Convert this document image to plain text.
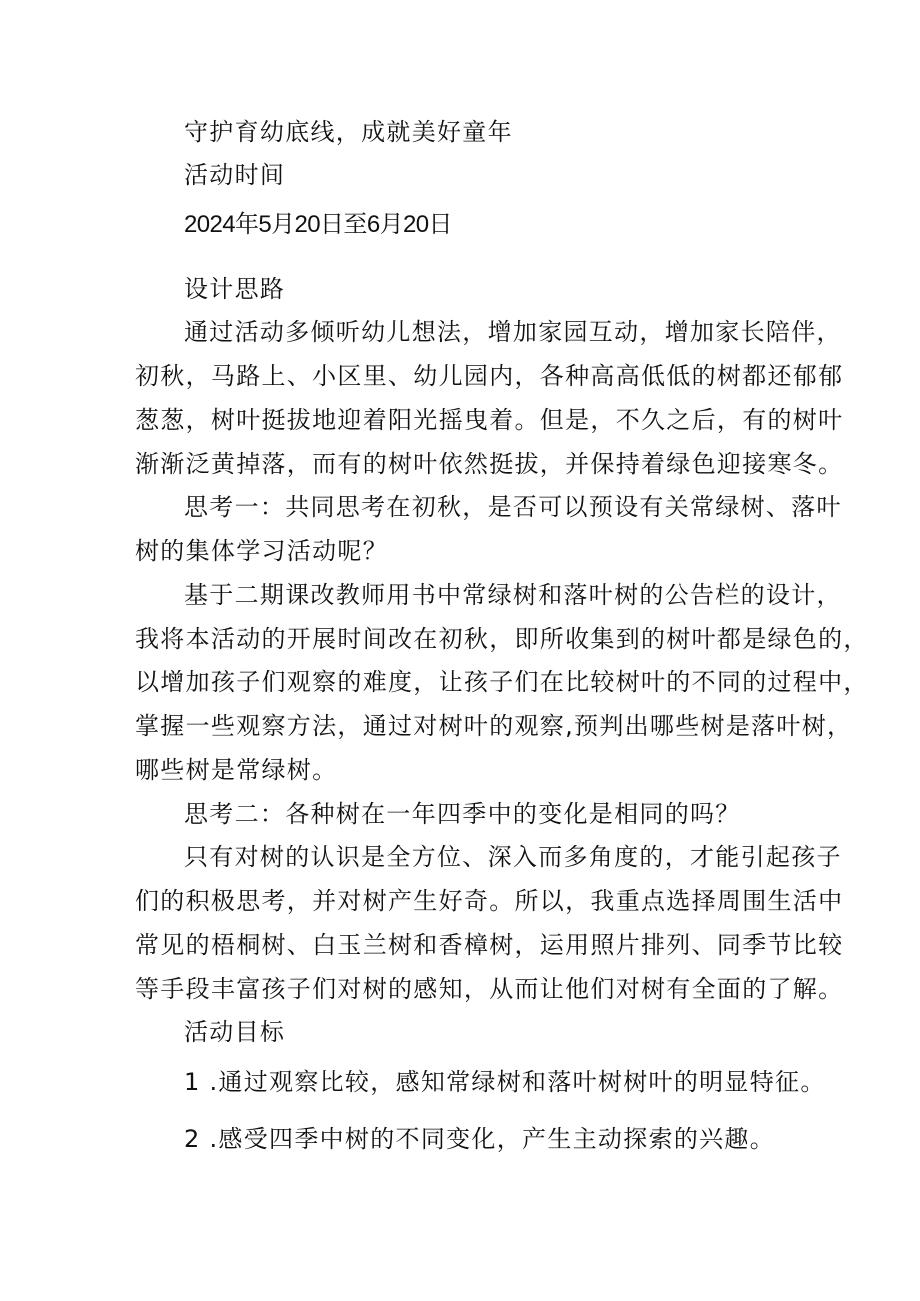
守护育幼底线，成就美好童年
活动时间
2024年5月20日至6月20日
设计思路
通过活动多倾听幼儿想法，增加家园互动，增加家长陪伴，
初秋，马路上、小区里、幼儿园内，各种高高低低的树都还郁郁
葱葱，树叶挺拔地迎着阳光摇曳着。但是，不久之后，有的树叶
渐渐泛黄掉落，而有的树叶依然挺拔，并保持着绿色迎接寒冬。
思考一：共同思考在初秋，是否可以预设有关常绿树、落叶
树的集体学习活动呢？
基于二期课改教师用书中常绿树和落叶树的公告栏的设计，
我将本活动的开展时间改在初秋，即所收集到的树叶都是绿色的，
以增加孩子们观察的难度，让孩子们在比较树叶的不同的过程中，
掌握一些观察方法，通过对树叶的观察,预判出哪些树是落叶树，
哪些树是常绿树。
思考二：各种树在一年四季中的变化是相同的吗？
只有对树的认识是全方位、深入而多角度的，才能引起孩子
们的积极思考，并对树产生好奇。所以，我重点选择周围生活中
常见的梧桐树、白玉兰树和香樟树，运用照片排列、同季节比较
等手段丰富孩子们对树的感知，从而让他们对树有全面的了解。
活动目标
1 .通过观察比较，感知常绿树和落叶树树叶的明显特征。
2 .感受四季中树的不同变化，产生主动探索的兴趣。
